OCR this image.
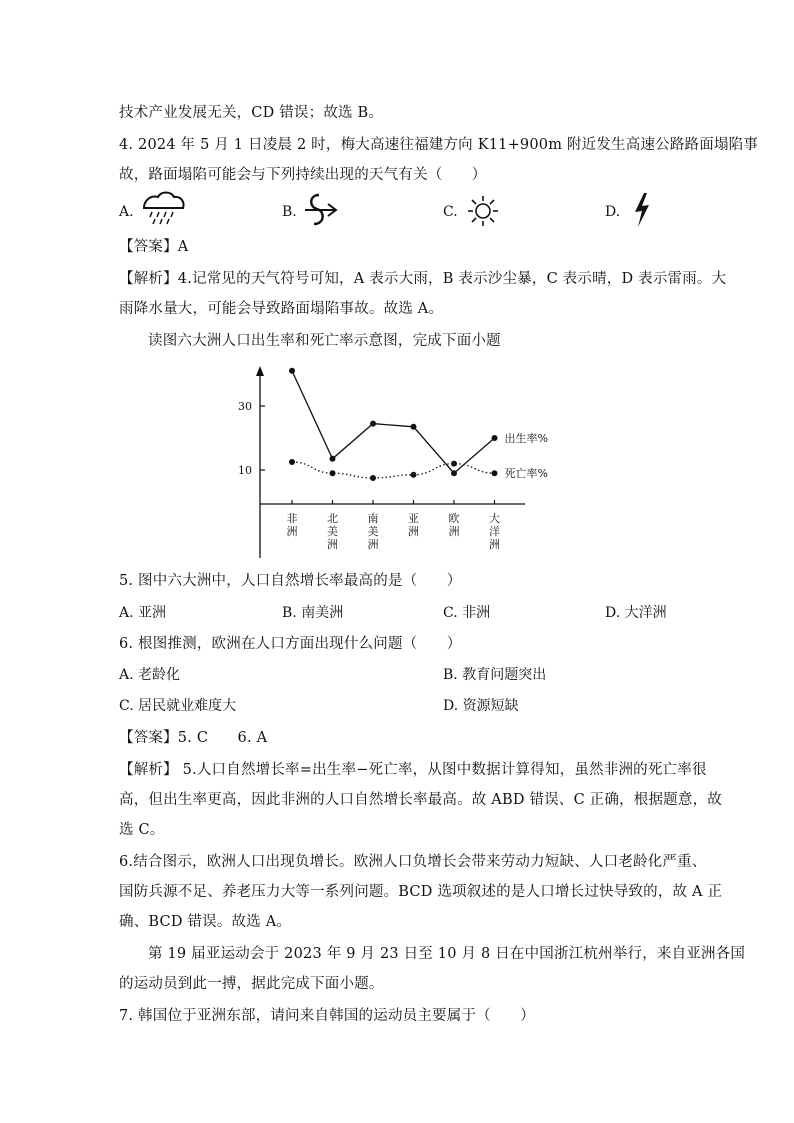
技术产业发展无关，CD 错误；故选 B。
4. 2024 年 5 月 1 日凌晨 2 时，梅大高速往福建方向 K11+900m 附近发生高速公路路面塌陷事
故，路面塌陷可能会与下列持续出现的天气有关（　　）
A.	B.	C.	D.
【答案】A
【解析】4.记常见的天气符号可知，A 表示大雨，B 表示沙尘暴，C 表示晴，D 表示雷雨。大
雨降水量大，可能会导致路面塌陷事故。故选 A。
读图六大洲人口出生率和死亡率示意图，完成下面小题
10
30
非
洲
北
美
洲
南
美
洲
亚
洲
欧
洲
大
洋
洲
出生率%
死亡率%
5. 图中六大洲中，人口自然增长率最高的是（　　）
A. 亚洲	B. 南美洲	C. 非洲	D. 大洋洲
6. 根图推测，欧洲在人口方面出现什么问题（　　）
A. 老龄化	B. 教育问题突出
C. 居民就业难度大	D. 资源短缺
【答案】5. C　　6. A
【解析】 5.人口自然增长率=出生率−死亡率，从图中数据计算得知，虽然非洲的死亡率很
高，但出生率更高，因此非洲的人口自然增长率最高。故 ABD 错误、C 正确，根据题意，故
选 C。
6.结合图示，欧洲人口出现负增长。欧洲人口负增长会带来劳动力短缺、人口老龄化严重、
国防兵源不足、养老压力大等一系列问题。BCD 选项叙述的是人口增长过快导致的，故 A 正
确、BCD 错误。故选 A。
第 19 届亚运动会于 2023 年 9 月 23 日至 10 月 8 日在中国浙江杭州举行，来自亚洲各国
的运动员到此一搏，据此完成下面小题。
7. 韩国位于亚洲东部，请问来自韩国的运动员主要属于（　　）
